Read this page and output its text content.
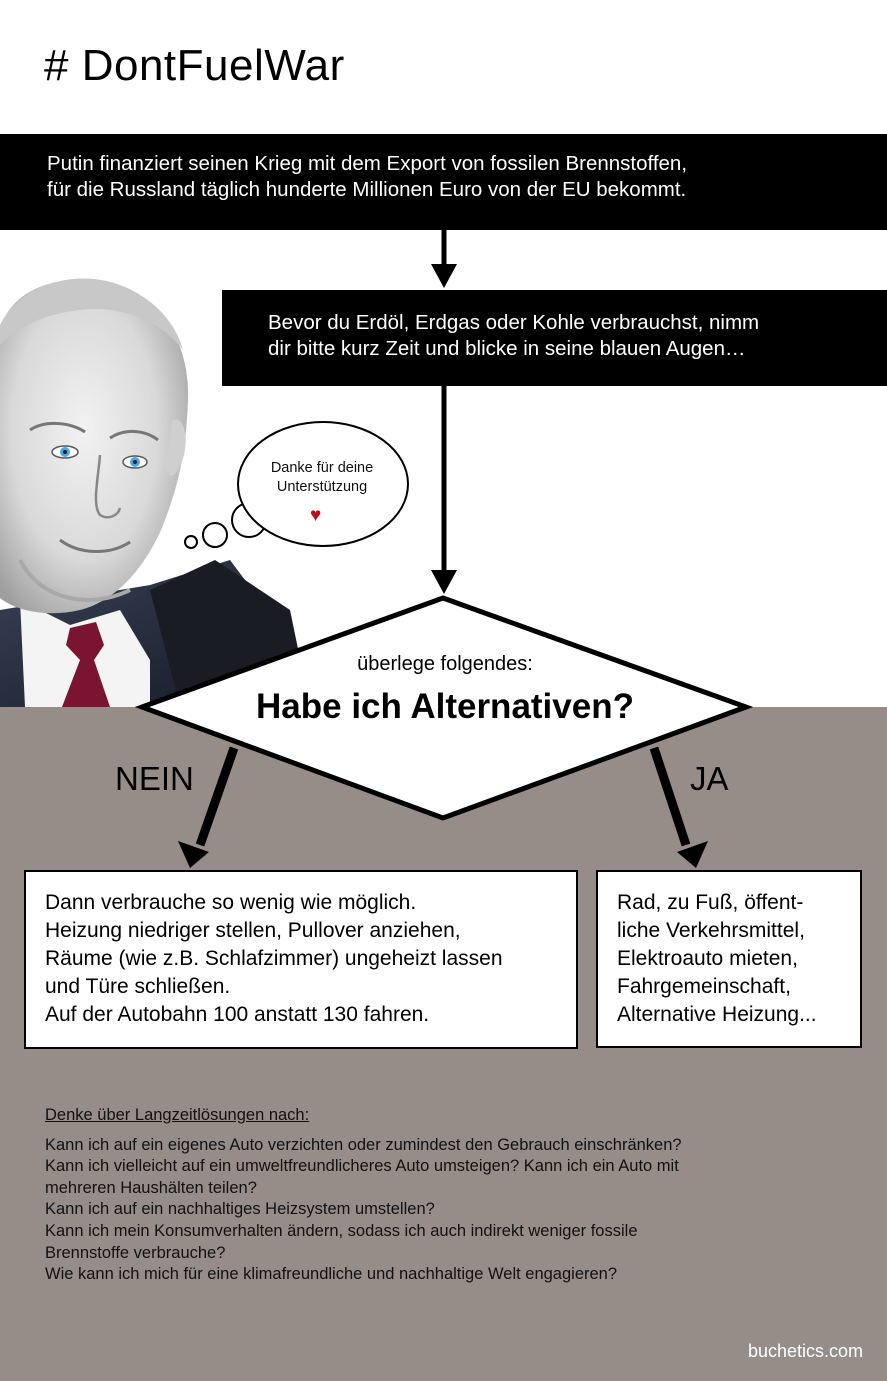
# DontFuelWar
Putin finanziert seinen Krieg mit dem Export von fossilen Brennstoffen,
für die Russland täglich hunderte Millionen Euro von der EU bekommt.
Bevor du Erdöl, Erdgas oder Kohle verbrauchst, nimm
dir bitte kurz Zeit und blicke in seine blauen Augen…
Danke für deine
Unterstützung
♥
überlege folgendes:
Habe ich Alternativen?
NEIN	JA
Dann verbrauche so wenig wie möglich.
Heizung niedriger stellen, Pullover anziehen,
Räume (wie z.B. Schlafzimmer) ungeheizt lassen
und Türe schließen.
Auf der Autobahn 100 anstatt 130 fahren.
Rad, zu Fuß, öffent-
liche Verkehrsmittel,
Elektroauto mieten,
Fahrgemeinschaft,
Alternative Heizung...
Denke über Langzeitlösungen nach:
Kann ich auf ein eigenes Auto verzichten oder zumindest den Gebrauch einschränken?
Kann ich vielleicht auf ein umweltfreundlicheres Auto umsteigen? Kann ich ein Auto mit
mehreren Haushälten teilen?
Kann ich auf ein nachhaltiges Heizsystem umstellen?
Kann ich mein Konsumverhalten ändern, sodass ich auch indirekt weniger fossile
Brennstoffe verbrauche?
Wie kann ich mich für eine klimafreundliche und nachhaltige Welt engagieren?
buchetics.com
